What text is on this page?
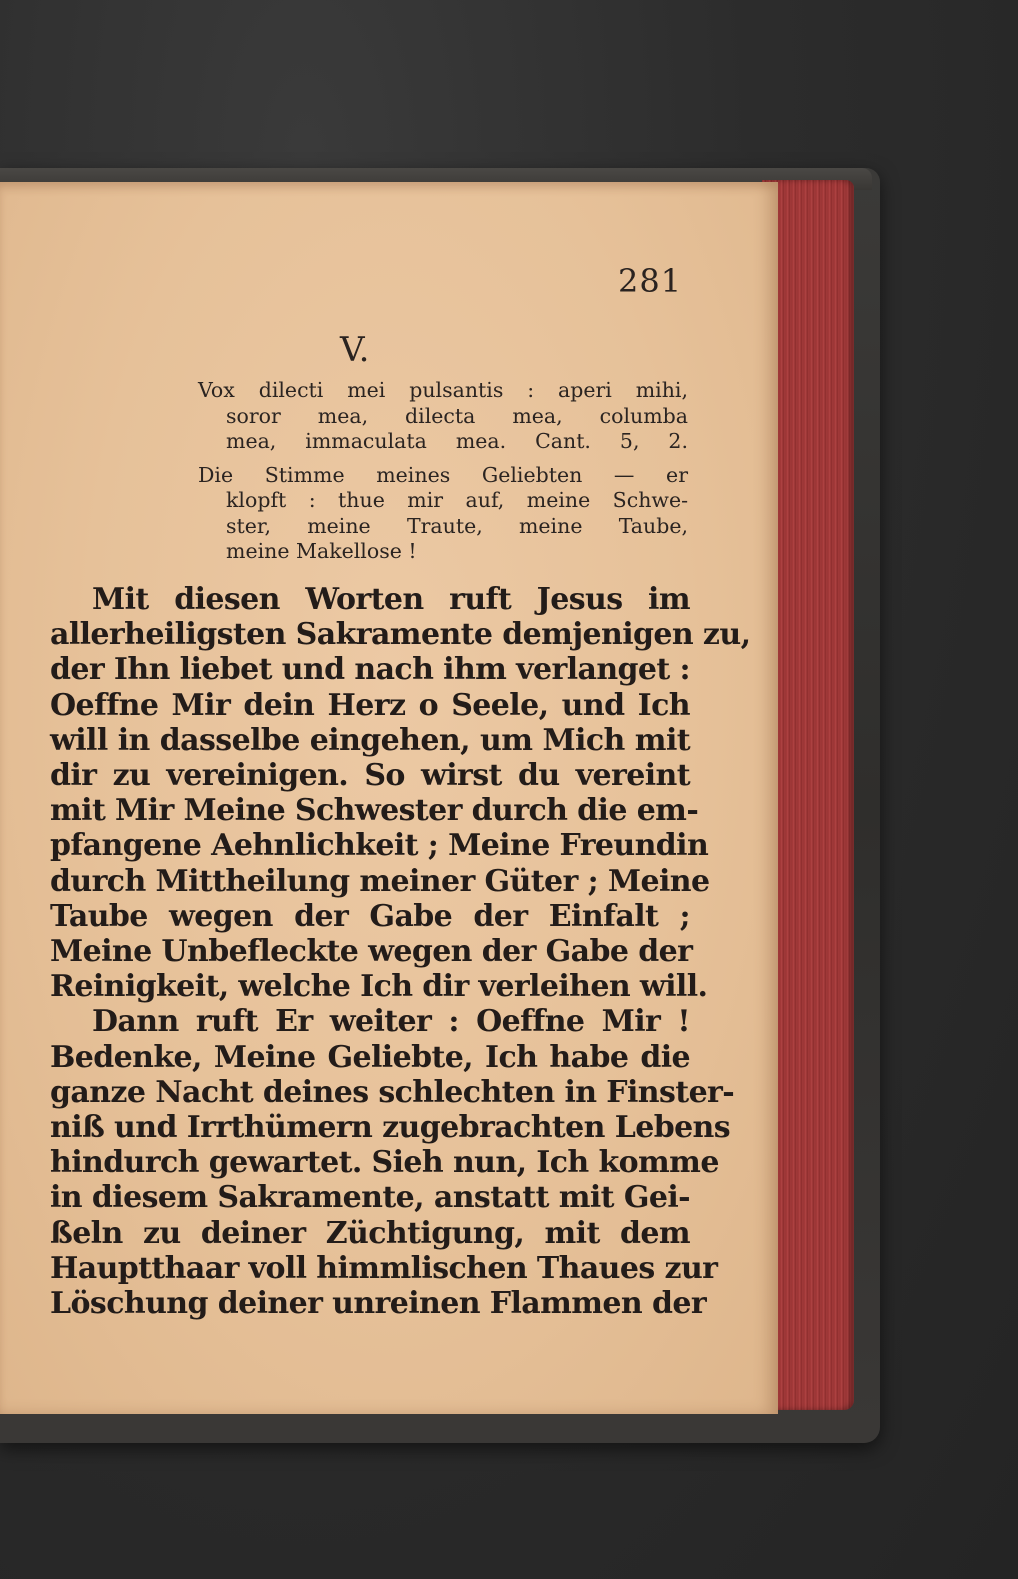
281
V.
Vox dilecti mei pulsantis : aperi mihi,
soror mea, dilecta mea, columba
mea, immaculata mea. Cant. 5, 2.
Die Stimme meines Geliebten — er
klopft : thue mir auf, meine Schwe-
ster, meine Traute, meine Taube,
meine Makellose !
Mit diesen Worten ruft Jesus im
allerheiligsten Sakramente demjenigen zu,
der Ihn liebet und nach ihm verlanget :
Oeffne Mir dein Herz o Seele, und Ich
will in dasselbe eingehen, um Mich mit
dir zu vereinigen. So wirst du vereint
mit Mir Meine Schwester durch die em-
pfangene Aehnlichkeit ; Meine Freundin
durch Mittheilung meiner Güter ; Meine
Taube wegen der Gabe der Einfalt ;
Meine Unbefleckte wegen der Gabe der
Reinigkeit, welche Ich dir verleihen will.
Dann ruft Er weiter : Oeffne Mir !
Bedenke, Meine Geliebte, Ich habe die
ganze Nacht deines schlechten in Finster-
niß und Irrthümern zugebrachten Lebens
hindurch gewartet. Sieh nun, Ich komme
in diesem Sakramente, anstatt mit Gei-
ßeln zu deiner Züchtigung, mit dem
Hauptthaar voll himmlischen Thaues zur
Löschung deiner unreinen Flammen der
